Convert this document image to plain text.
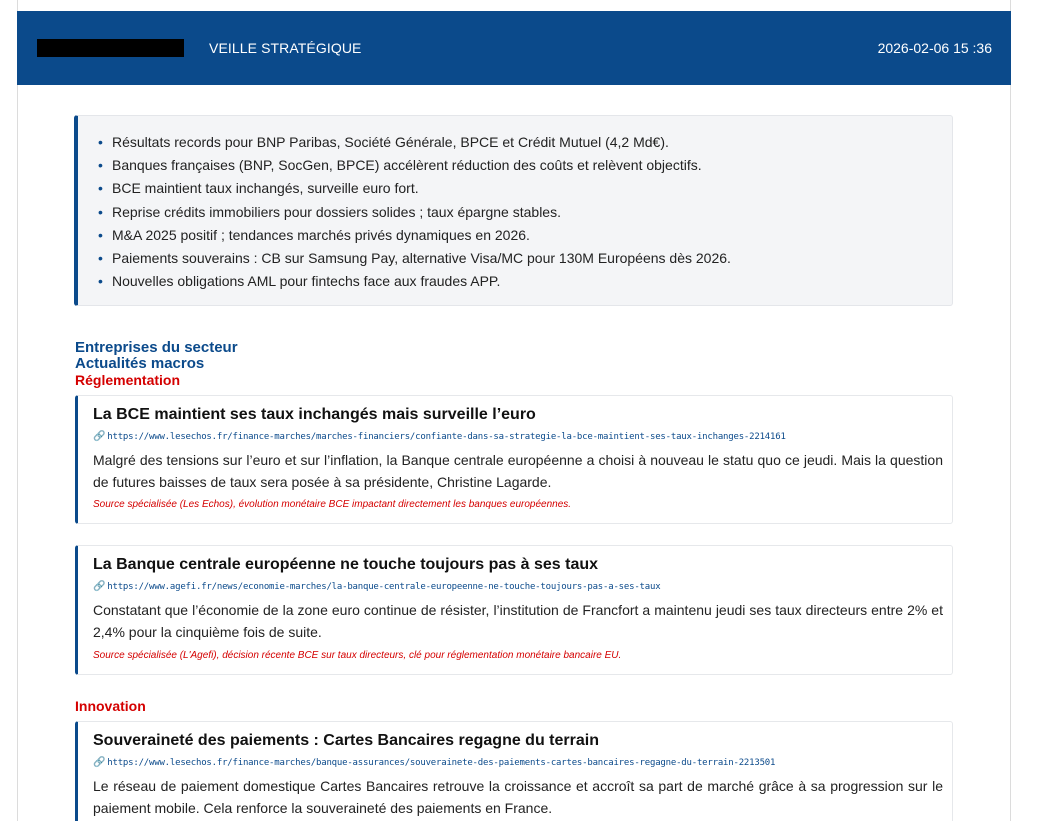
VEILLE STRATÉGIQUE	2026-02-06 15 :36
• Résultats records pour BNP Paribas, Société Générale, BPCE et Crédit Mutuel (4,2 Md€).
• Banques françaises (BNP, SocGen, BPCE) accélèrent réduction des coûts et relèvent objectifs.
• BCE maintient taux inchangés, surveille euro fort.
• Reprise crédits immobiliers pour dossiers solides ; taux épargne stables.
• M&A 2025 positif ; tendances marchés privés dynamiques en 2026.
• Paiements souverains : CB sur Samsung Pay, alternative Visa/MC pour 130M Européens dès 2026.
• Nouvelles obligations AML pour fintechs face aux fraudes APP.
Entreprises du secteur
Actualités macros
Réglementation
La BCE maintient ses taux inchangés mais surveille l’euro
🔗 https://www.lesechos.fr/finance-marches/marches-financiers/confiante-dans-sa-strategie-la-bce-maintient-ses-taux-inchanges-2214161
Malgré des tensions sur l’euro et sur l’inflation, la Banque centrale européenne a choisi à nouveau le statu quo ce jeudi. Mais la question de futures baisses de taux sera posée à sa présidente, Christine Lagarde.
Source spécialisée (Les Echos), évolution monétaire BCE impactant directement les banques européennes.
La Banque centrale européenne ne touche toujours pas à ses taux
🔗 https://www.agefi.fr/news/economie-marches/la-banque-centrale-europeenne-ne-touche-toujours-pas-a-ses-taux
Constatant que l’économie de la zone euro continue de résister, l’institution de Francfort a maintenu jeudi ses taux directeurs entre 2% et 2,4% pour la cinquième fois de suite.
Source spécialisée (L'Agefi), décision récente BCE sur taux directeurs, clé pour réglementation monétaire bancaire EU.
Innovation
Souveraineté des paiements : Cartes Bancaires regagne du terrain
🔗 https://www.lesechos.fr/finance-marches/banque-assurances/souverainete-des-paiements-cartes-bancaires-regagne-du-terrain-2213501
Le réseau de paiement domestique Cartes Bancaires retrouve la croissance et accroît sa part de marché grâce à sa progression sur le paiement mobile. Cela renforce la souveraineté des paiements en France.
